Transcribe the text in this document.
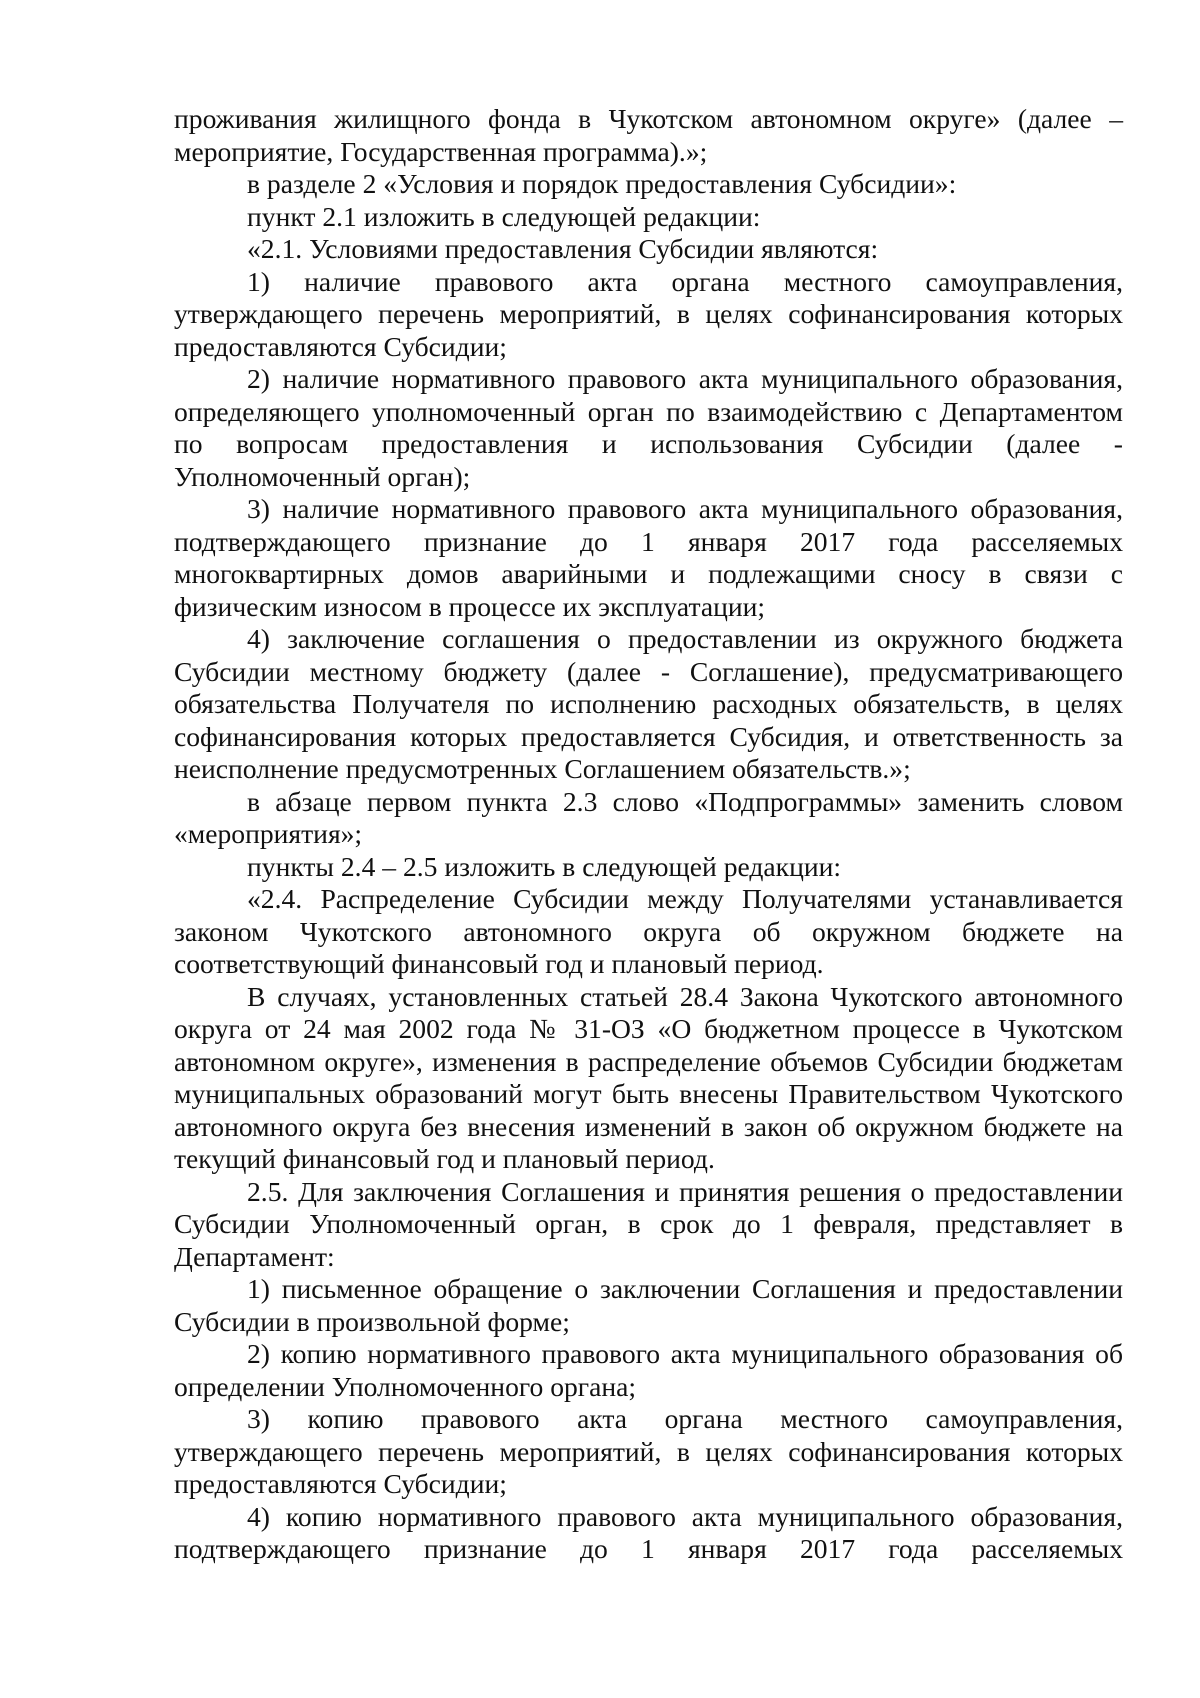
проживания жилищного фонда в Чукотском автономном округе» (далее – мероприятие, Государственная программа).»;

в разделе 2 «Условия и порядок предоставления Субсидии»:

пункт 2.1 изложить в следующей редакции:

«2.1. Условиями предоставления Субсидии являются:

1) наличие правового акта органа местного самоуправления, утверждающего перечень мероприятий, в целях софинансирования которых предоставляются Субсидии;

2) наличие нормативного правового акта муниципального образования, определяющего уполномоченный орган по взаимодействию с Департаментом по вопросам предоставления и использования Субсидии (далее - Уполномоченный орган);

3) наличие нормативного правового акта муниципального образования, подтверждающего признание до 1 января 2017 года расселяемых многоквартирных домов аварийными и подлежащими сносу в связи с физическим износом в процессе их эксплуатации;

4) заключение соглашения о предоставлении из окружного бюджета Субсидии местному бюджету (далее - Соглашение), предусматривающего обязательства Получателя по исполнению расходных обязательств, в целях софинансирования которых предоставляется Субсидия, и ответственность за неисполнение предусмотренных Соглашением обязательств.»;

в абзаце первом пункта 2.3 слово «Подпрограммы» заменить словом «мероприятия»;

пункты 2.4 – 2.5 изложить в следующей редакции:

«2.4. Распределение Субсидии между Получателями устанавливается законом Чукотского автономного округа об окружном бюджете на соответствующий финансовый год и плановый период.

В случаях, установленных статьей 28.4 Закона Чукотского автономного округа от 24 мая 2002 года № 31-ОЗ «О бюджетном процессе в Чукотском автономном округе», изменения в распределение объемов Субсидии бюджетам муниципальных образований могут быть внесены Правительством Чукотского автономного округа без внесения изменений в закон об окружном бюджете на текущий финансовый год и плановый период.

2.5. Для заключения Соглашения и принятия решения о предоставлении Субсидии Уполномоченный орган, в срок до 1 февраля, представляет в Департамент:

1) письменное обращение о заключении Соглашения и предоставлении Субсидии в произвольной форме;

2) копию нормативного правового акта муниципального образования об определении Уполномоченного органа;

3) копию правового акта органа местного самоуправления, утверждающего перечень мероприятий, в целях софинансирования которых предоставляются Субсидии;

4) копию нормативного правового акта муниципального образования, подтверждающего признание до 1 января 2017 года расселяемых
